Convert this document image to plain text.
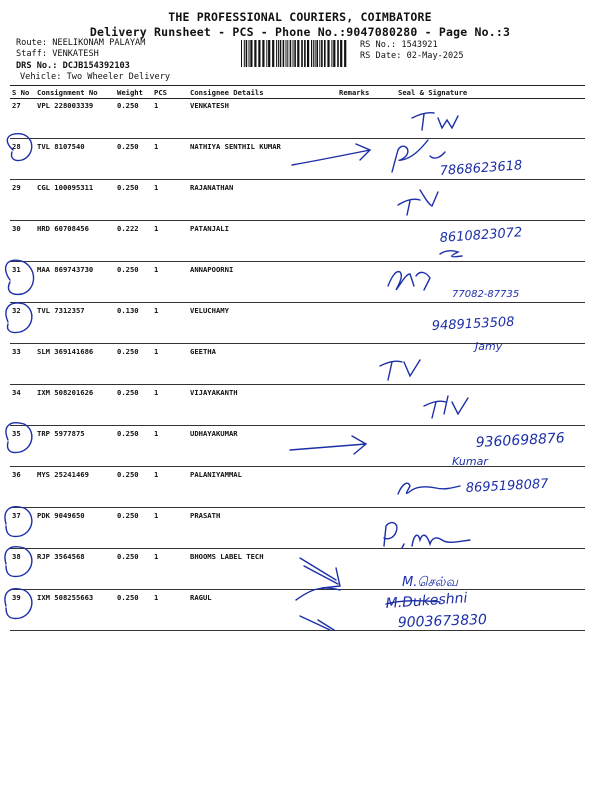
THE PROFESSIONAL COURIERS, COIMBATORE
Delivery Runsheet - PCS - Phone No.:9047080280 - Page No.:3
Route: NEELIKONAM PALAYAM
Staff: VENKATESH
DRS No.: DCJB154392103
Vehicle: Two Wheeler Delivery
RS No.: 1543921
RS Date: 02-May-2025
S No Consignment No	Weight PCS	Consignee Details	Remarks	Seal & Signature
27 VPL 228003339	0.250 1	VENKATESH
28 TVL 8107540	0.250 1	NATHIYA SENTHIL KUMAR
29 CGL 100095311	0.250 1	RAJANATHAN
30 HRD 60708456	0.222 1	PATANJALI
31 MAA 869743730	0.250 1	ANNAPOORNI
32 TVL 7312357	0.130 1	VELUCHAMY
33 SLM 369141686	0.250 1	GEETHA
34 IXM 508201626	0.250 1	VIJAYAKANTH
35 TRP 5977875	0.250 1	UDHAYAKUMAR
36 MYS 25241469	0.250 1	PALANIYAMMAL
37 PDK 9049650	0.250 1	PRASATH
38 RJP 3564568	0.250 1	BHOOMS LABEL TECH
39 IXM 508255663	0.250 1	RAGUL
7868623618
8610823072
77082-87735
9489153508
Jamy
9360698876
Kumar
8695198087
M.செல்வ
M.Dukeshni
9003673830
